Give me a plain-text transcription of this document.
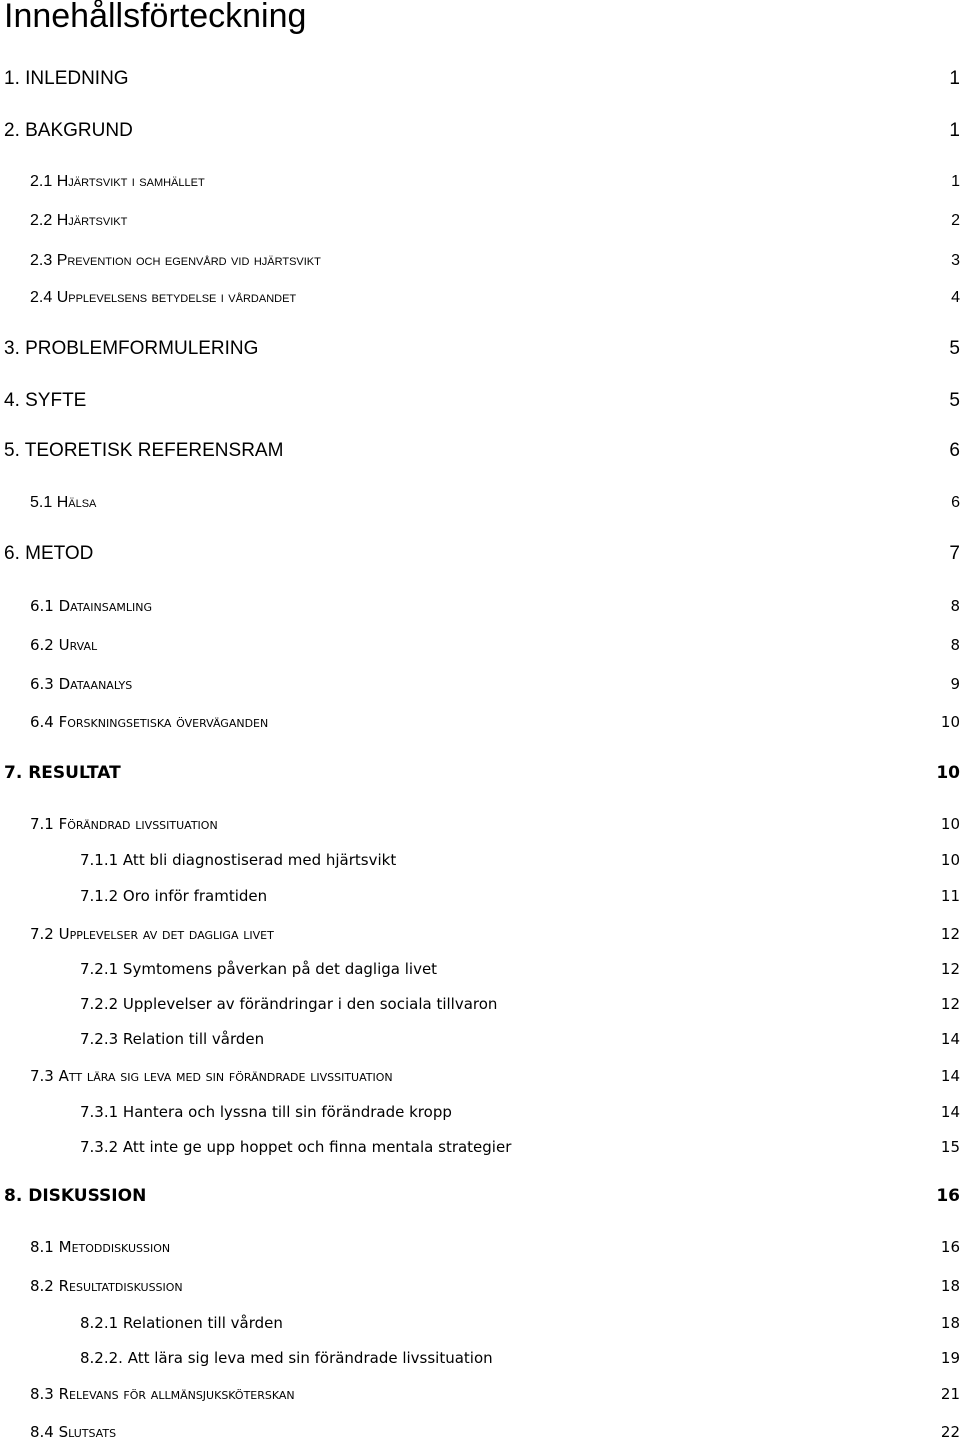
Innehållsförteckning
1. INLEDNING	1
2. BAKGRUND	1
2.1 Hjärtsvikt i samhället	1
2.2 Hjärtsvikt	2
2.3 Prevention och egenvård vid hjärtsvikt	3
2.4 Upplevelsens betydelse i vårdandet	4
3. PROBLEMFORMULERING	5
4. SYFTE	5
5. TEORETISK REFERENSRAM	6
5.1 Hälsa	6
6. METOD	7
6.1 Datainsamling	8
6.2 Urval	8
6.3 Dataanalys	9
6.4 Forskningsetiska överväganden	10
7. RESULTAT	10
7.1 Förändrad livssituation	10
7.1.1 Att bli diagnostiserad med hjärtsvikt	10
7.1.2 Oro inför framtiden	11
7.2 Upplevelser av det dagliga livet	12
7.2.1 Symtomens påverkan på det dagliga livet	12
7.2.2 Upplevelser av förändringar i den sociala tillvaron	12
7.2.3 Relation till vården	14
7.3 Att lära sig leva med sin förändrade livssituation	14
7.3.1 Hantera och lyssna till sin förändrade kropp	14
7.3.2 Att inte ge upp hoppet och finna mentala strategier	15
8. DISKUSSION	16
8.1 Metoddiskussion	16
8.2 Resultatdiskussion	18
8.2.1 Relationen till vården	18
8.2.2. Att lära sig leva med sin förändrade livssituation	19
8.3 Relevans för allmänsjuksköterskan	21
8.4 Slutsats	22
